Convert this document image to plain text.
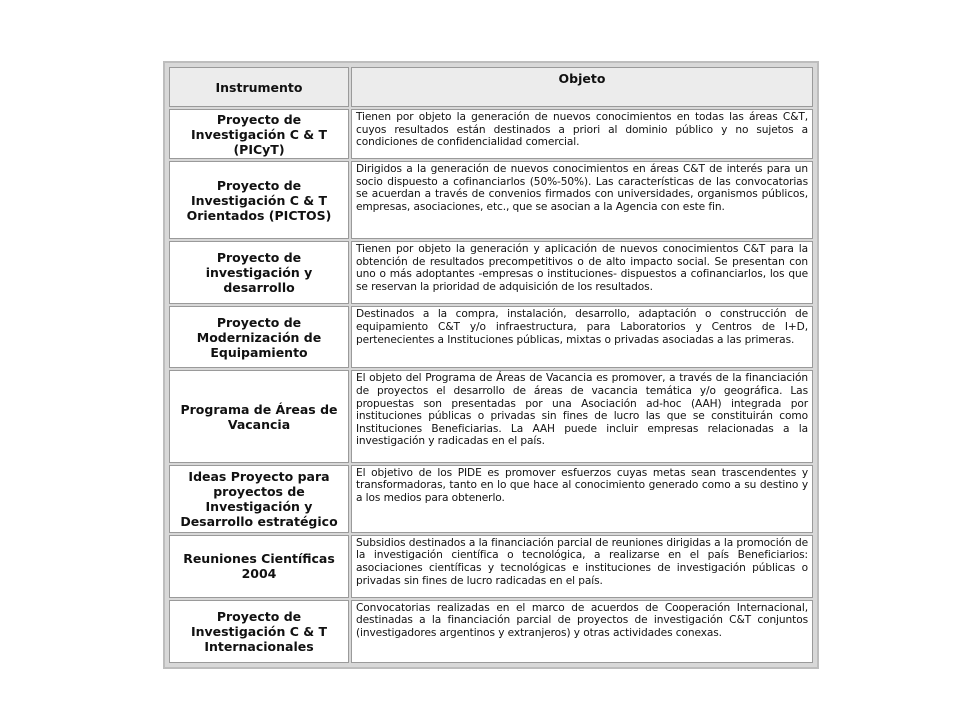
Instrumento	Objeto
Proyecto de Investigación C & T (PICyT)	Tienen por objeto la generación de nuevos conocimientos en todas las áreas C&T, cuyos resultados están destinados a priori al dominio público y no sujetos a condiciones de confidencialidad comercial.
Proyecto de Investigación C & T Orientados (PICTOS)	Dirigidos a la generación de nuevos conocimientos en áreas C&T de interés para un socio dispuesto a cofinanciarlos (50%-50%). Las características de las convocatorias se acuerdan a través de convenios firmados con universidades, organismos públicos, empresas, asociaciones, etc., que se asocian a la Agencia con este fin.
Proyecto de investigación y desarrollo	Tienen por objeto la generación y aplicación de nuevos conocimientos C&T para la obtención de resultados precompetitivos o de alto impacto social. Se presentan con uno o más adoptantes -empresas o instituciones- dispuestos a cofinanciarlos, los que se reservan la prioridad de adquisición de los resultados.
Proyecto de Modernización de Equipamiento	Destinados a la compra, instalación, desarrollo, adaptación o construcción de equipamiento C&T y/o infraestructura, para Laboratorios y Centros de I+D, pertenecientes a Instituciones públicas, mixtas o privadas asociadas a las primeras.
Programa de Áreas de Vacancia	El objeto del Programa de Áreas de Vacancia es promover, a través de la financiación de proyectos el desarrollo de áreas de vacancia temática y/o geográfica. Las propuestas son presentadas por una Asociación ad-hoc (AAH) integrada por instituciones públicas o privadas sin fines de lucro las que se constituirán como Instituciones Beneficiarias. La AAH puede incluir empresas relacionadas a la investigación y radicadas en el país.
Ideas Proyecto para proyectos de Investigación y Desarrollo estratégico	El objetivo de los PIDE es promover esfuerzos cuyas metas sean trascendentes y transformadoras, tanto en lo que hace al conocimiento generado como a su destino y a los medios para obtenerlo.
Reuniones Científicas 2004	Subsidios destinados a la financiación parcial de reuniones dirigidas a la promoción de la investigación científica o tecnológica, a realizarse en el país Beneficiarios: asociaciones científicas y tecnológicas e instituciones de investigación públicas o privadas sin fines de lucro radicadas en el país.
Proyecto de Investigación C & T Internacionales	Convocatorias realizadas en el marco de acuerdos de Cooperación Internacional, destinadas a la financiación parcial de proyectos de investigación C&T conjuntos (investigadores argentinos y extranjeros) y otras actividades conexas.
